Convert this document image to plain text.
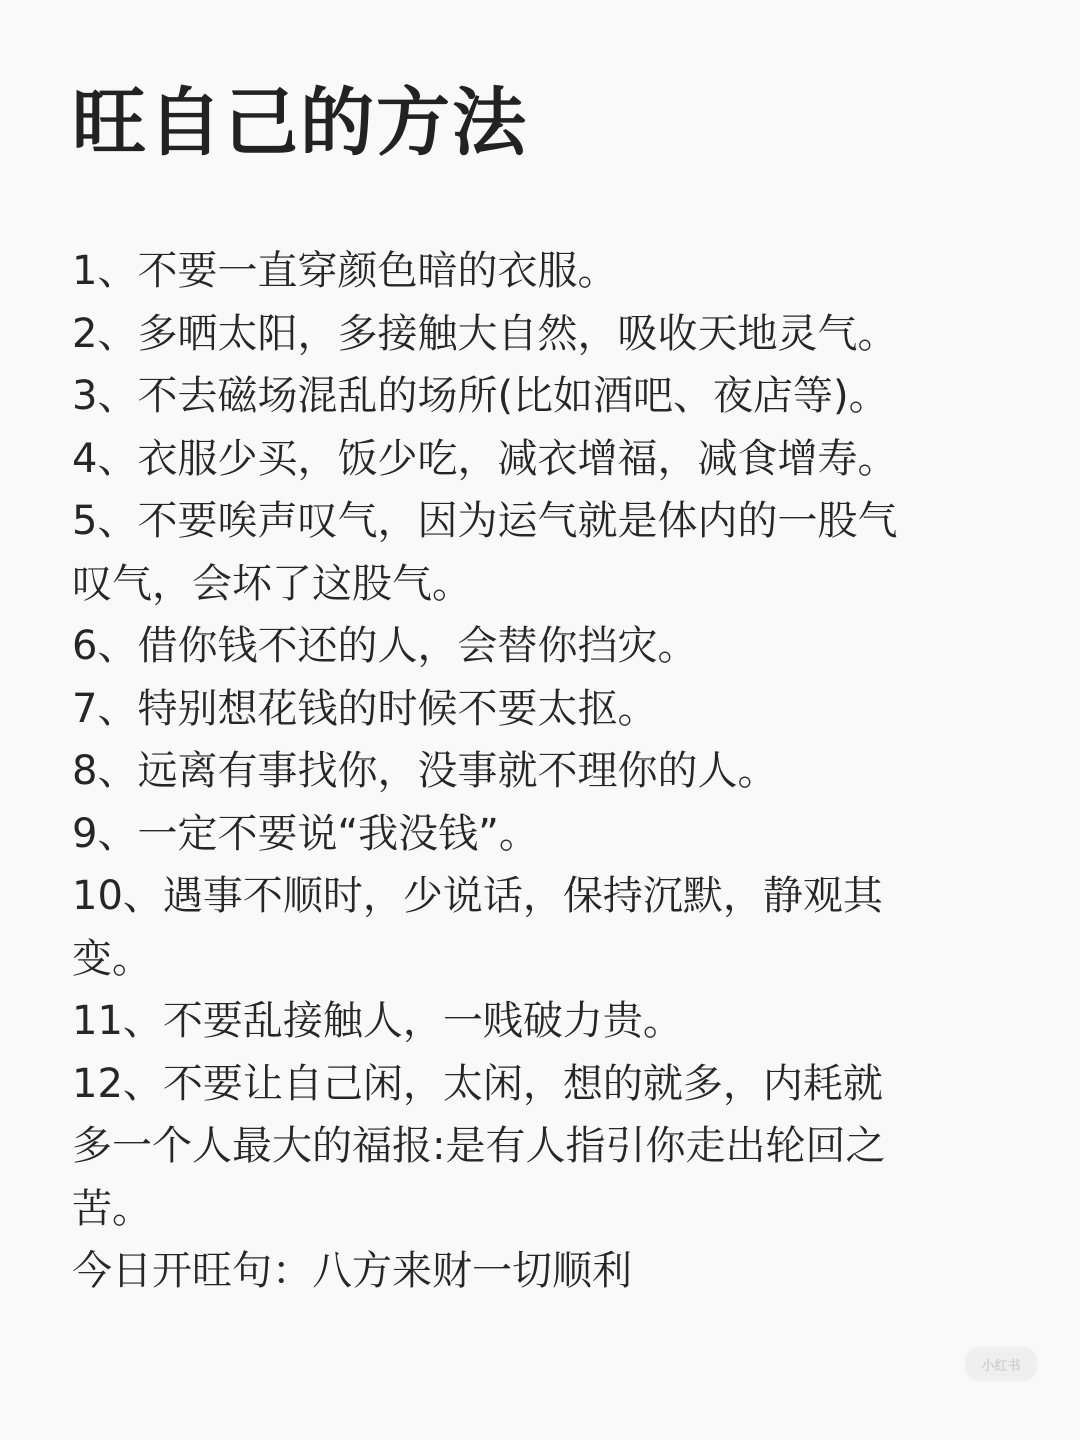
旺自己的方法
1、不要一直穿颜色暗的衣服。
2、多晒太阳，多接触大自然，吸收天地灵气。
3、不去磁场混乱的场所(比如酒吧、夜店等)。
4、衣服少买，饭少吃，减衣增福，减食增寿。
5、不要唉声叹气，因为运气就是体内的一股气
叹气，会坏了这股气。
6、借你钱不还的人，会替你挡灾。
7、特别想花钱的时候不要太抠。
8、远离有事找你，没事就不理你的人。
9、一定不要说“我没钱”。
10、遇事不顺时，少说话，保持沉默，静观其
变。
11、不要乱接触人，一贱破力贵。
12、不要让自己闲，太闲，想的就多，内耗就
多一个人最大的福报:是有人指引你走出轮回之
苦。
今日开旺句：八方来财一切顺利
小红书
